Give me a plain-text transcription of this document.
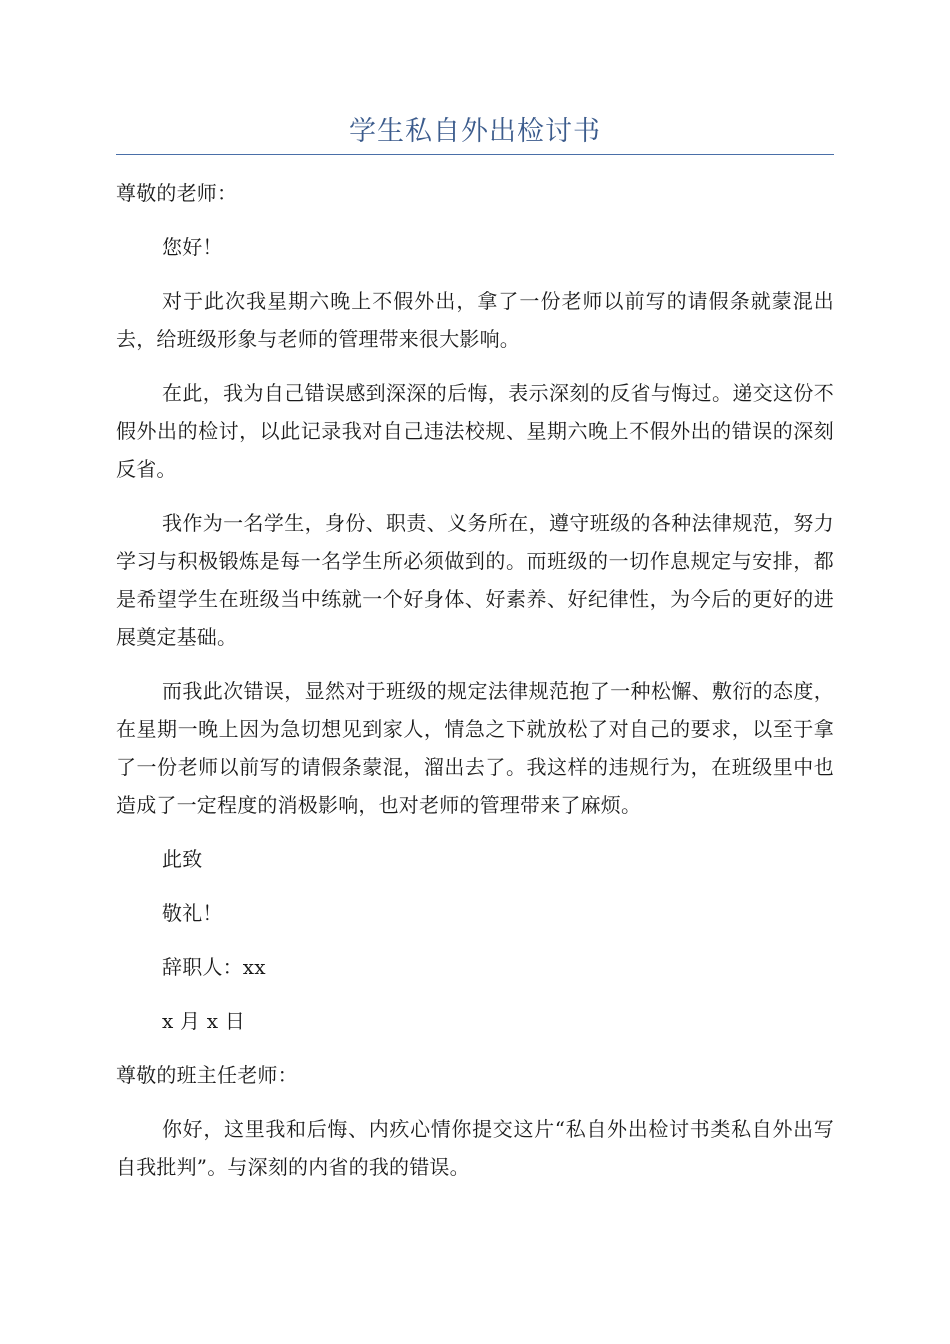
学生私自外出检讨书

尊敬的老师：

您好！

对于此次我星期六晚上不假外出，拿了一份老师以前写的请假条就蒙混出去，给班级形象与老师的管理带来很大影响。

在此，我为自己错误感到深深的后悔，表示深刻的反省与悔过。递交这份不假外出的检讨，以此记录我对自己违法校规、星期六晚上不假外出的错误的深刻反省。

我作为一名学生，身份、职责、义务所在，遵守班级的各种法律规范，努力学习与积极锻炼是每一名学生所必须做到的。而班级的一切作息规定与安排，都是希望学生在班级当中练就一个好身体、好素养、好纪律性，为今后的更好的进展奠定基础。

而我此次错误，显然对于班级的规定法律规范抱了一种松懈、敷衍的态度，在星期一晚上因为急切想见到家人，情急之下就放松了对自己的要求，以至于拿了一份老师以前写的请假条蒙混，溜出去了。我这样的违规行为，在班级里中也造成了一定程度的消极影响，也对老师的管理带来了麻烦。

此致

敬礼！

辞职人：xx

x 月 x 日

尊敬的班主任老师：

你好，这里我和后悔、内疚心情你提交这片“私自外出检讨书类私自外出写自我批判”。与深刻的内省的我的错误。
